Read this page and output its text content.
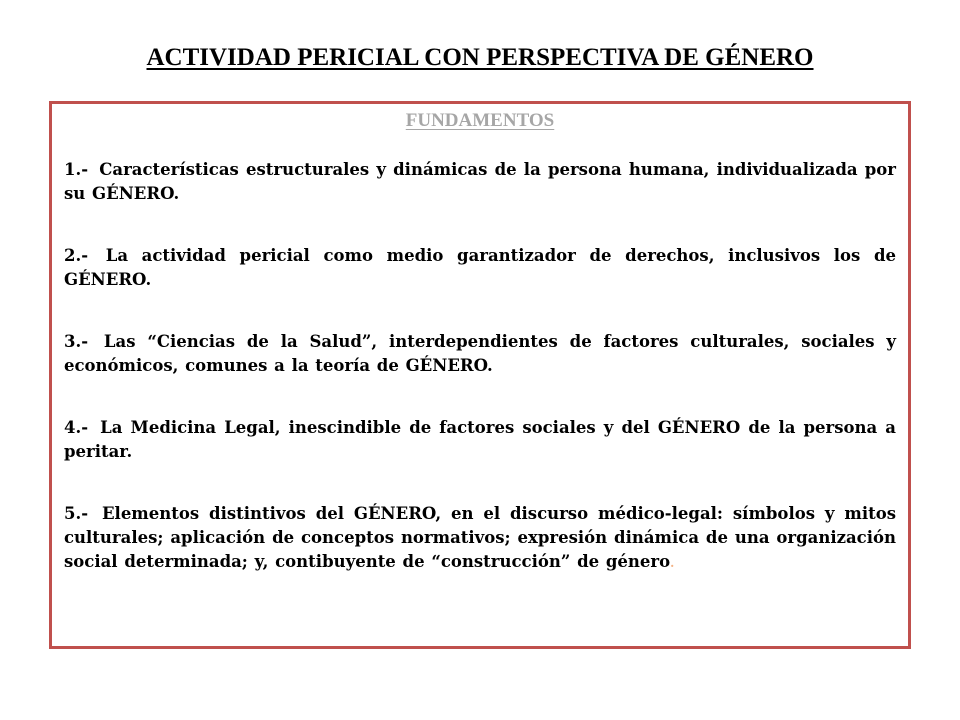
ACTIVIDAD PERICIAL CON PERSPECTIVA DE GÉNERO
FUNDAMENTOS

1.- Características estructurales y dinámicas de la persona humana, individualizada por su GÉNERO.

2.- La actividad pericial como medio garantizador de derechos, inclusivos los de GÉNERO.

3.- Las “Ciencias de la Salud”, interdependientes de factores culturales, sociales y económicos, comunes a la teoría de GÉNERO.

4.- La Medicina Legal, inescindible de factores sociales y del GÉNERO de la persona a peritar.

5.- Elementos distintivos del GÉNERO, en el discurso médico-legal: símbolos y mitos culturales; aplicación de conceptos normativos; expresión dinámica de una organización social determinada; y, contibuyente de “construcción” de género.
